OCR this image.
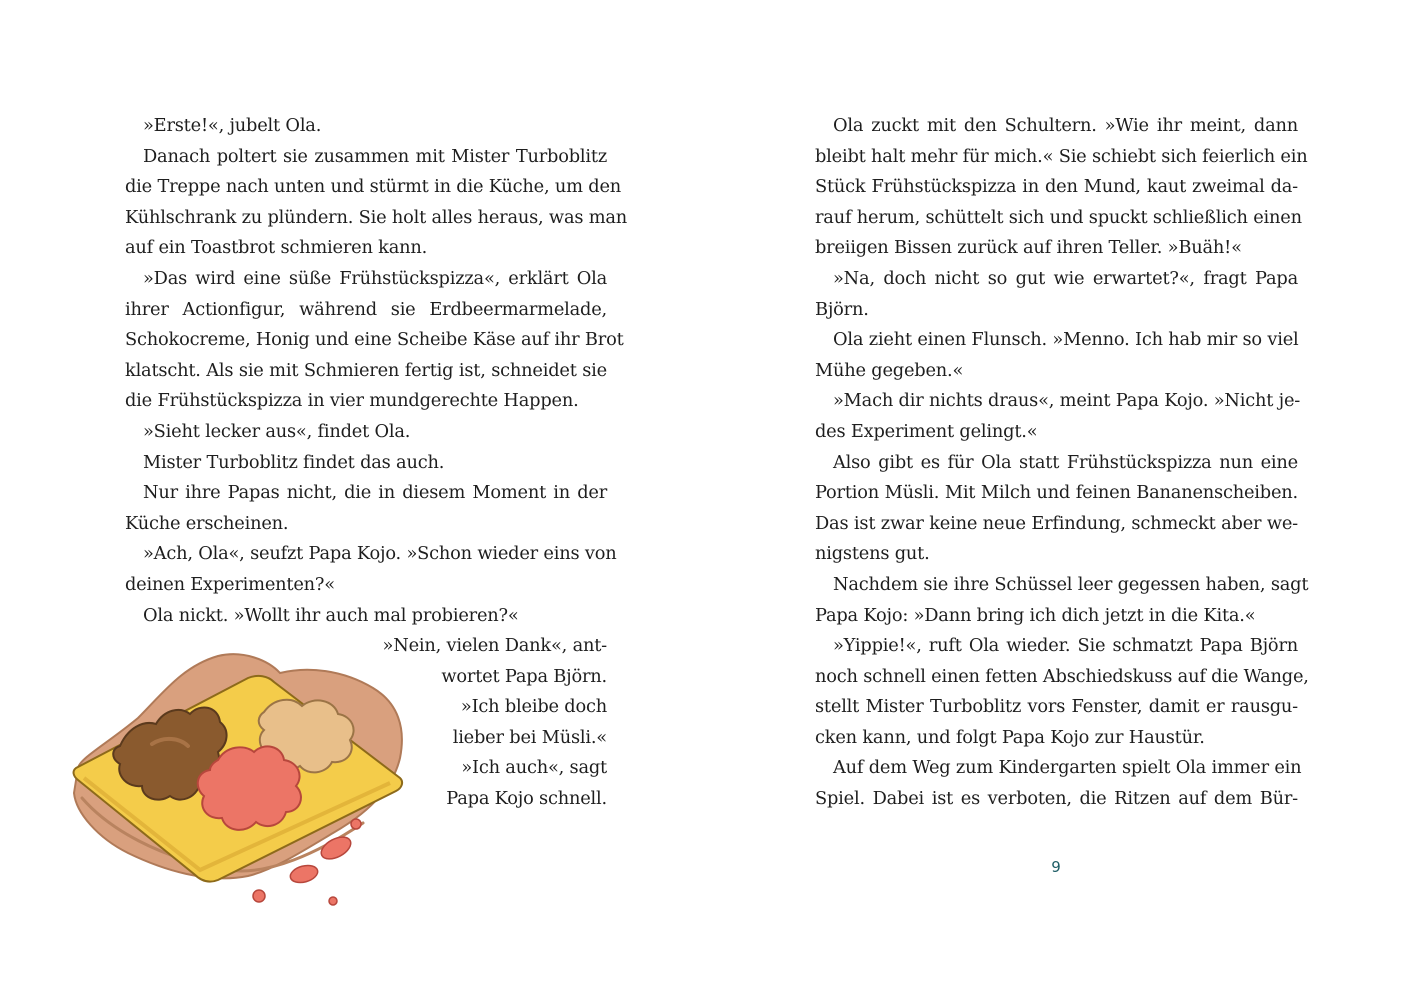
»Erste!«, jubelt Ola.
Danach poltert sie zusammen mit Mister Turboblitz
die Treppe nach unten und stürmt in die Küche, um den
Kühlschrank zu plündern. Sie holt alles heraus, was man
auf ein Toastbrot schmieren kann.
»Das wird eine süße Frühstückspizza«, erklärt Ola
ihrer Actionfigur, während sie Erdbeermarmelade,
Schokocreme, Honig und eine Scheibe Käse auf ihr Brot
klatscht. Als sie mit Schmieren fertig ist, schneidet sie
die Frühstückspizza in vier mundgerechte Happen.
»Sieht lecker aus«, findet Ola.
Mister Turboblitz findet das auch.
Nur ihre Papas nicht, die in diesem Moment in der
Küche erscheinen.
»Ach, Ola«, seufzt Papa Kojo. »Schon wieder eins von
deinen Experimenten?«
Ola nickt. »Wollt ihr auch mal probieren?«
»Nein, vielen Dank«, ant-
wortet Papa Björn.
»Ich bleibe doch
lieber bei Müsli.«
»Ich auch«, sagt
Papa Kojo schnell.
Ola zuckt mit den Schultern. »Wie ihr meint, dann
bleibt halt mehr für mich.« Sie schiebt sich feierlich ein
Stück Frühstückspizza in den Mund, kaut zweimal da-
rauf herum, schüttelt sich und spuckt schließlich einen
breiigen Bissen zurück auf ihren Teller. »Buäh!«
»Na, doch nicht so gut wie erwartet?«, fragt Papa
Björn.
Ola zieht einen Flunsch. »Menno. Ich hab mir so viel
Mühe gegeben.«
»Mach dir nichts draus«, meint Papa Kojo. »Nicht je-
des Experiment gelingt.«
Also gibt es für Ola statt Frühstückspizza nun eine
Portion Müsli. Mit Milch und feinen Bananenscheiben.
Das ist zwar keine neue Erfindung, schmeckt aber we-
nigstens gut.
Nachdem sie ihre Schüssel leer gegessen haben, sagt
Papa Kojo: »Dann bring ich dich jetzt in die Kita.«
»Yippie!«, ruft Ola wieder. Sie schmatzt Papa Björn
noch schnell einen fetten Abschiedskuss auf die Wange,
stellt Mister Turboblitz vors Fenster, damit er rausgu-
cken kann, und folgt Papa Kojo zur Haustür.
Auf dem Weg zum Kindergarten spielt Ola immer ein
Spiel. Dabei ist es verboten, die Ritzen auf dem Bür-
9
